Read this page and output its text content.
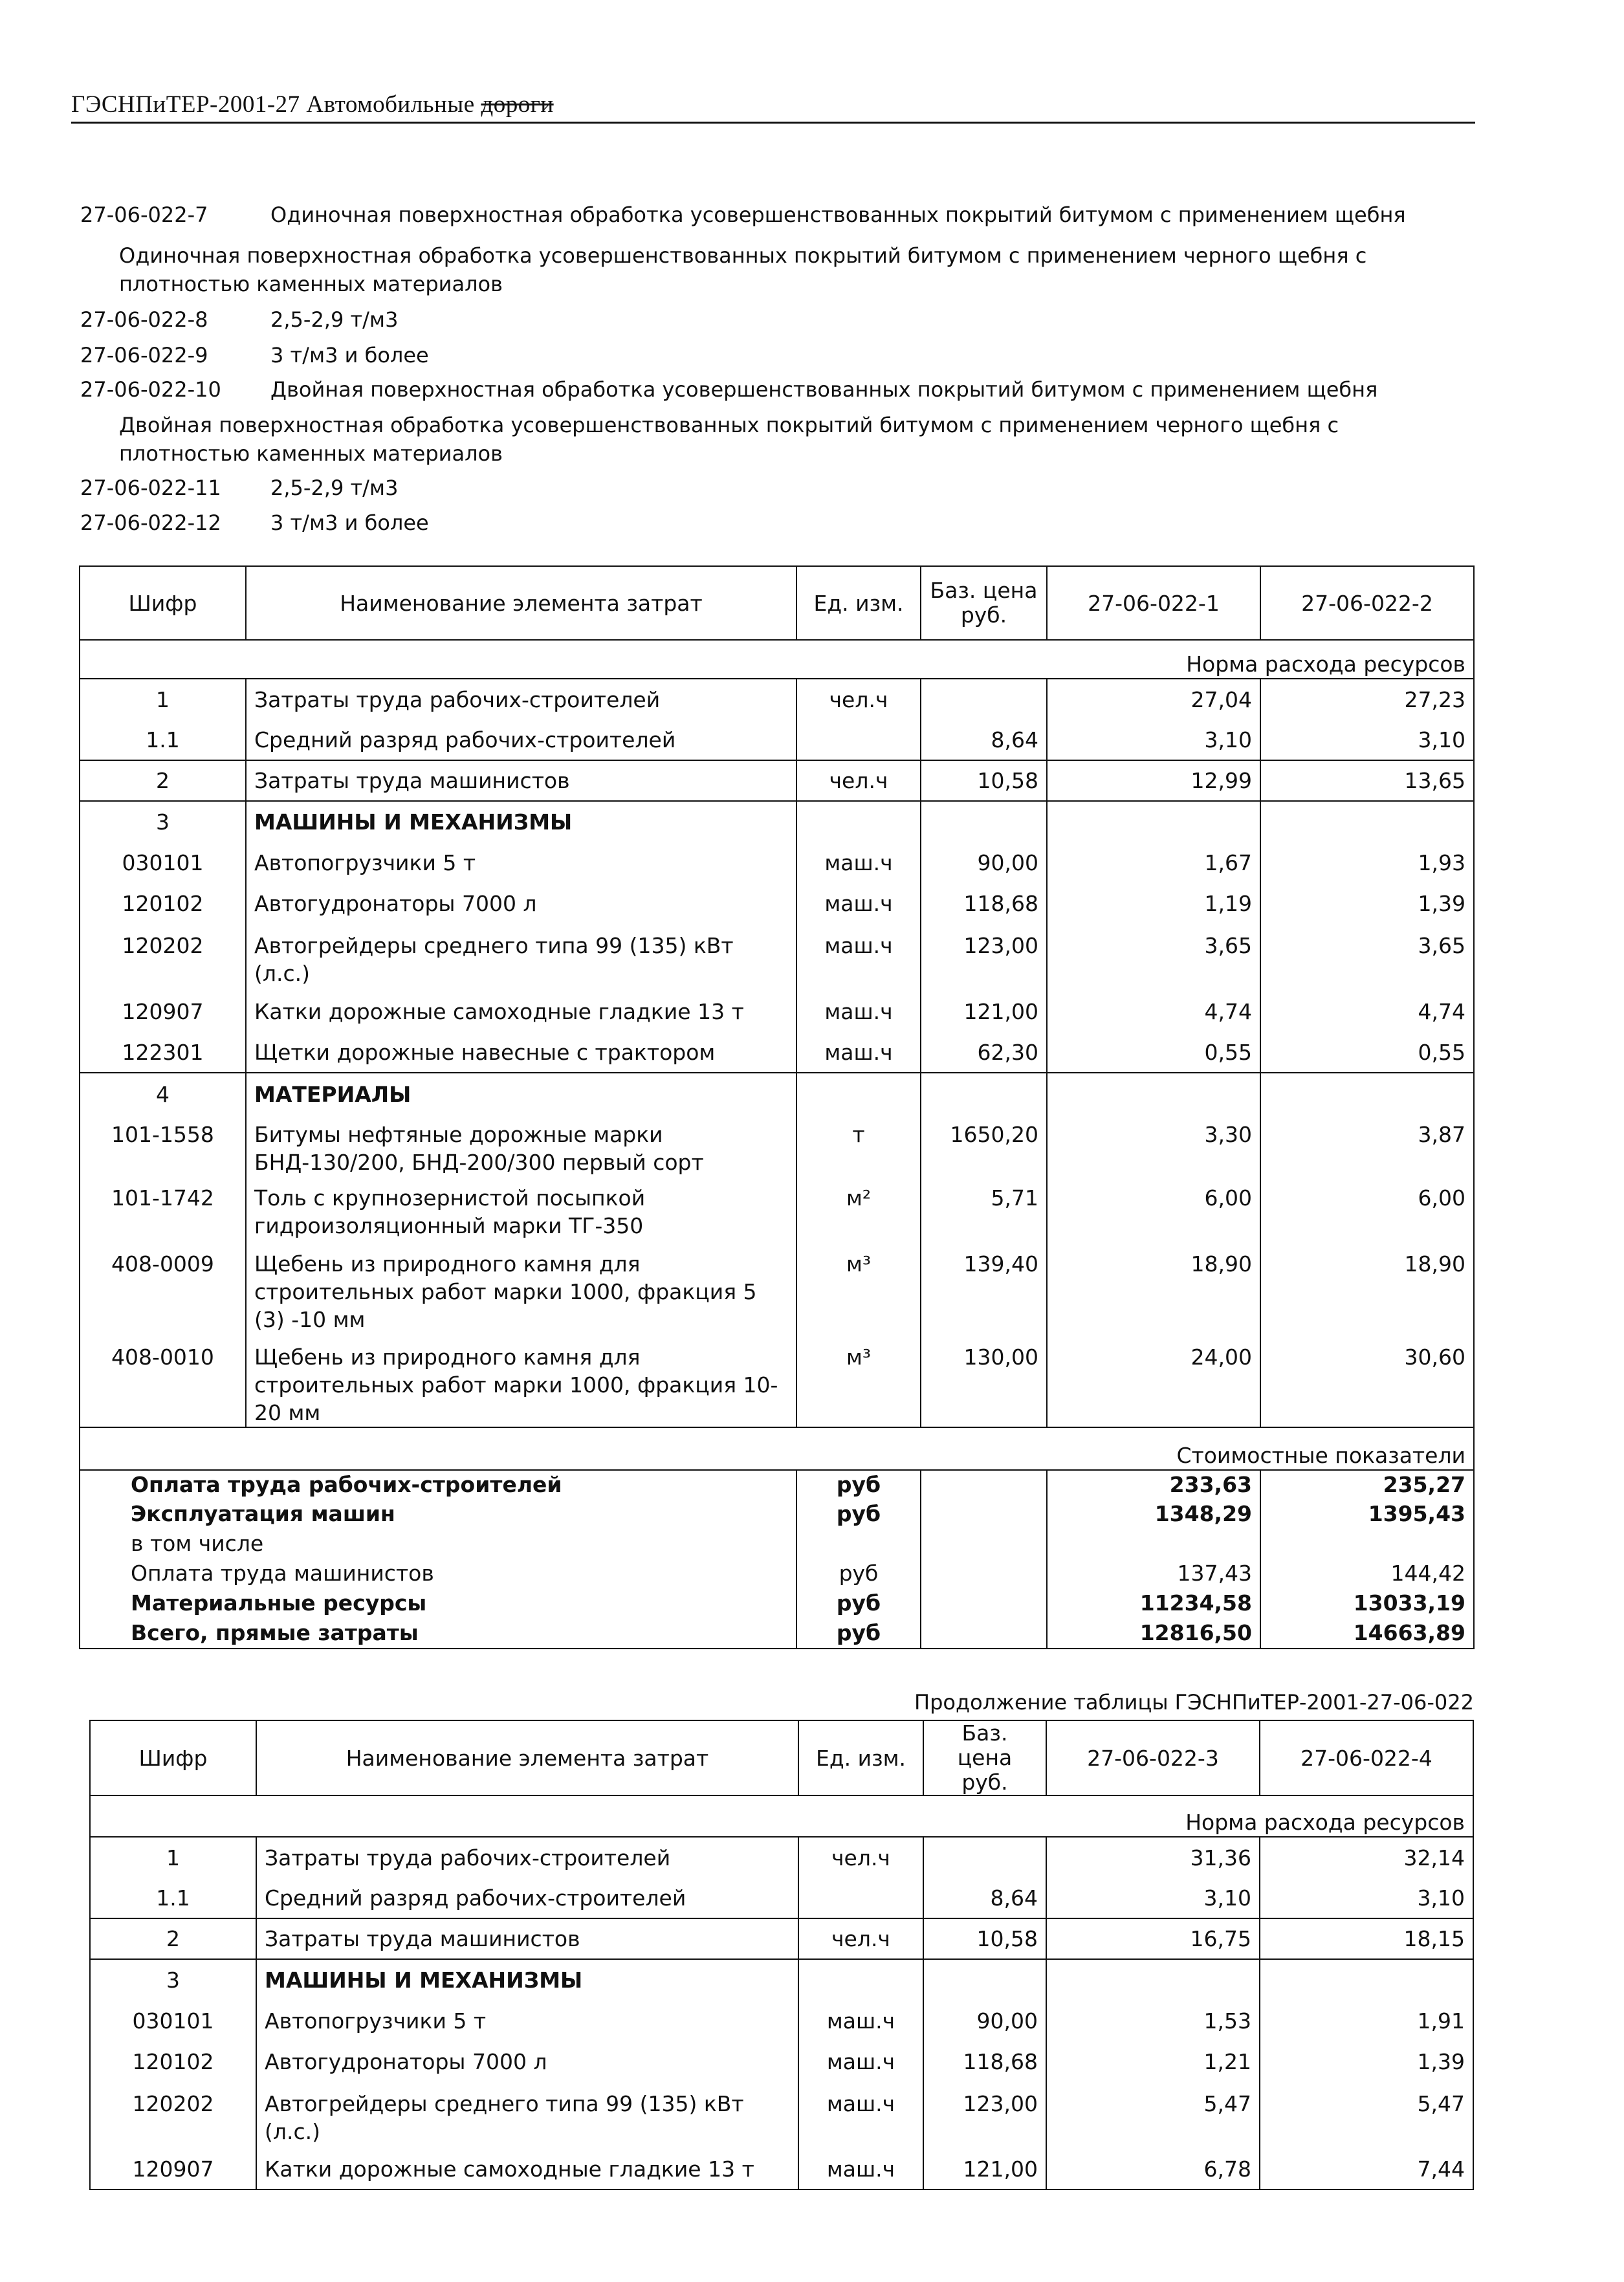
ГЭСНПиТЕР-2001-27 Автомобильные дороги
27-06-022-7	Одиночная поверхностная обработка усовершенствованных покрытий битумом с применением щебня
Одиночная поверхностная обработка усовершенствованных покрытий битумом с применением черного щебня с плотностью каменных материалов
27-06-022-8	2,5-2,9 т/м3
27-06-022-9	3 т/м3 и более
27-06-022-10 Двойная поверхностная обработка усовершенствованных покрытий битумом с применением щебня
Двойная поверхностная обработка усовершенствованных покрытий битумом с применением черного щебня с плотностью каменных материалов
27-06-022-11 2,5-2,9 т/м3
27-06-022-12 3 т/м3 и более
Шифр	Наименование элемента затрат	Ед. изм.	Баз. цена руб.	27-06-022-1	27-06-022-2
Норма расхода ресурсов					
1	Затраты труда рабочих-строителей	чел.ч		27,04	27,23
1.1	Средний разряд рабочих-строителей		8,64	3,10	3,10
2	Затраты труда машинистов	чел.ч	10,58	12,99	13,65
3	МАШИНЫ И МЕХАНИЗМЫ				
030101	Автопогрузчики 5 т	маш.ч	90,00	1,67	1,93
120102	Автогудронаторы 7000 л	маш.ч	118,68	1,19	1,39
120202	Автогрейдеры среднего типа 99 (135) кВт (л.с.)	маш.ч	123,00	3,65	3,65
120907	Катки дорожные самоходные гладкие 13 т	маш.ч	121,00	4,74	4,74
122301	Щетки дорожные навесные с трактором	маш.ч	62,30	0,55	0,55
4	МАТЕРИАЛЫ				
101-1558	Битумы нефтяные дорожные марки БНД-130/200, БНД-200/300 первый сорт	т	1650,20	3,30	3,87
101-1742	Толь с крупнозернистой посыпкой гидроизоляционный марки ТГ-350	м²	5,71	6,00	6,00
408-0009	Щебень из природного камня для строительных работ марки 1000, фракция 5 (3) -10 мм	м³	139,40	18,90	18,90
408-0010	Щебень из природного камня для строительных работ марки 1000, фракция 10-20 мм	м³	130,00	24,00	30,60
Стоимостные показатели					
Оплата труда рабочих-строителей		руб		233,63	235,27
Эксплуатация машин		руб		1348,29	1395,43
в том числе					
Оплата труда машинистов		руб		137,43	144,42
Материальные ресурсы		руб		11234,58	13033,19
Всего, прямые затраты		руб		12816,50	14663,89
Продолжение таблицы ГЭСНПиТЕР-2001-27-06-022
Шифр	Наименование элемента затрат	Ед. изм.	Баз. цена руб.	27-06-022-3	27-06-022-4
Норма расхода ресурсов					
1	Затраты труда рабочих-строителей	чел.ч		31,36	32,14
1.1	Средний разряд рабочих-строителей		8,64	3,10	3,10
2	Затраты труда машинистов	чел.ч	10,58	16,75	18,15
3	МАШИНЫ И МЕХАНИЗМЫ				
030101	Автопогрузчики 5 т	маш.ч	90,00	1,53	1,91
120102	Автогудронаторы 7000 л	маш.ч	118,68	1,21	1,39
120202	Автогрейдеры среднего типа 99 (135) кВт (л.с.)	маш.ч	123,00	5,47	5,47
120907	Катки дорожные самоходные гладкие 13 т	маш.ч	121,00	6,78	7,44
